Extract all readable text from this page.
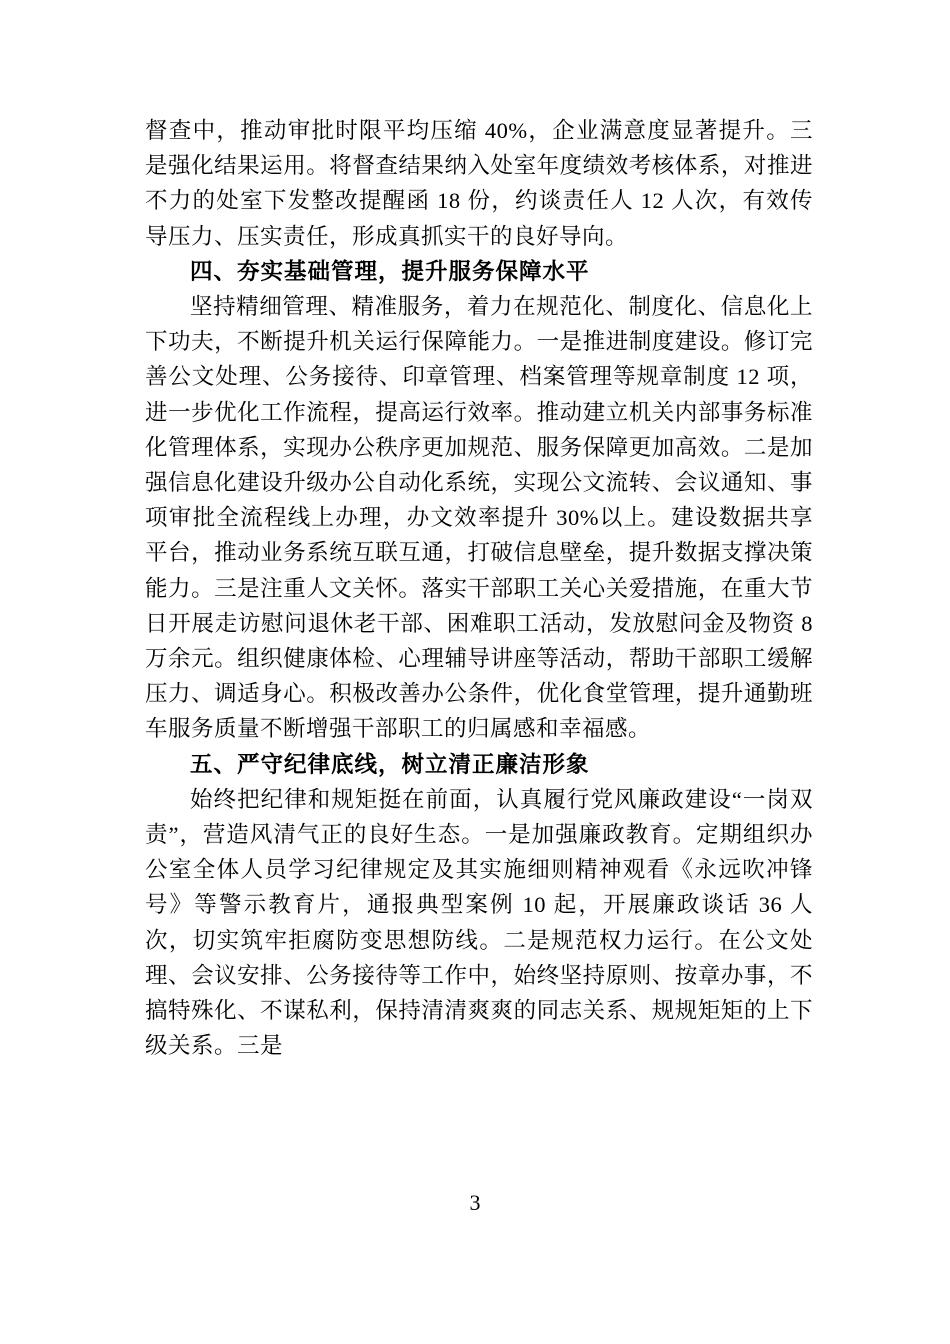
督查中，推动审批时限平均压缩 40%，企业满意度显著提升。三是强化结果运用。将督查结果纳入处室年度绩效考核体系，对推进不力的处室下发整改提醒函 18 份，约谈责任人 12 人次，有效传导压力、压实责任，形成真抓实干的良好导向。

四、夯实基础管理，提升服务保障水平

坚持精细管理、精准服务，着力在规范化、制度化、信息化上下功夫，不断提升机关运行保障能力。一是推进制度建设。修订完善公文处理、公务接待、印章管理、档案管理等规章制度 12 项，进一步优化工作流程，提高运行效率。推动建立机关内部事务标准化管理体系，实现办公秩序更加规范、服务保障更加高效。二是加强信息化建设升级办公自动化系统，实现公文流转、会议通知、事项审批全流程线上办理，办文效率提升 30%以上。建设数据共享平台，推动业务系统互联互通，打破信息壁垒，提升数据支撑决策能力。三是注重人文关怀。落实干部职工关心关爱措施，在重大节日开展走访慰问退休老干部、困难职工活动，发放慰问金及物资 8 万余元。组织健康体检、心理辅导讲座等活动，帮助干部职工缓解压力、调适身心。积极改善办公条件，优化食堂管理，提升通勤班车服务质量不断增强干部职工的归属感和幸福感。

五、严守纪律底线，树立清正廉洁形象

始终把纪律和规矩挺在前面，认真履行党风廉政建设“一岗双责”，营造风清气正的良好生态。一是加强廉政教育。定期组织办公室全体人员学习纪律规定及其实施细则精神观看《永远吹冲锋号》等警示教育片，通报典型案例 10 起，开展廉政谈话 36 人次，切实筑牢拒腐防变思想防线。二是规范权力运行。在公文处理、会议安排、公务接待等工作中，始终坚持原则、按章办事，不搞特殊化、不谋私利，保持清清爽爽的同志关系、规规矩矩的上下级关系。三是

3
